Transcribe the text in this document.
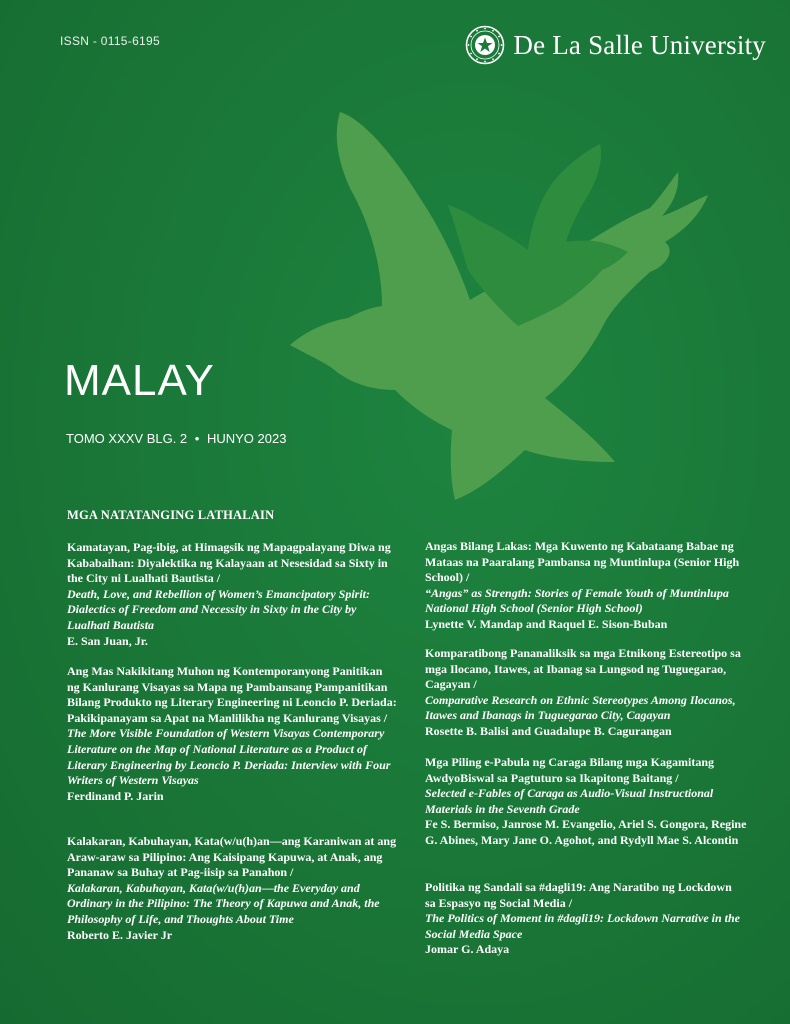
ISSN - 0115-6195	De La Salle University
MALAY
TOMO XXXV BLG. 2 • HUNYO 2023
MGA NATATANGING LATHALAIN
Kamatayan, Pag-ibig, at Himagsik ng Mapagpalayang Diwa ng Kababaihan: Diyalektika ng Kalayaan at Nesesidad sa Sixty in the City ni Lualhati Bautista /
Death, Love, and Rebellion of Women’s Emancipatory Spirit: Dialectics of Freedom and Necessity in Sixty in the City by Lualhati Bautista
E. San Juan, Jr.
Ang Mas Nakikitang Muhon ng Kontemporanyong Panitikan ng Kanlurang Visayas sa Mapa ng Pambansang Pampanitikan Bilang Produkto ng Literary Engineering ni Leoncio P. Deriada: Pakikipanayam sa Apat na Manlilikha ng Kanlurang Visayas /
The More Visible Foundation of Western Visayas Contemporary Literature on the Map of National Literature as a Product of Literary Engineering by Leoncio P. Deriada: Interview with Four Writers of Western Visayas
Ferdinand P. Jarin
Kalakaran, Kabuhayan, Kata(w/u(h)an—ang Karaniwan at ang Araw-araw sa Pilipino: Ang Kaisipang Kapuwa, at Anak, ang Pananaw sa Buhay at Pag-iisip sa Panahon /
Kalakaran, Kabuhayan, Kata(w/u(h)an—the Everyday and Ordinary in the Pilipino: The Theory of Kapuwa and Anak, the Philosophy of Life, and Thoughts About Time
Roberto E. Javier Jr
Angas Bilang Lakas: Mga Kuwento ng Kabataang Babae ng Mataas na Paaralang Pambansa ng Muntinlupa (Senior High School) /
“Angas” as Strength: Stories of Female Youth of Muntinlupa National High School (Senior High School)
Lynette V. Mandap and Raquel E. Sison-Buban
Komparatibong Pananaliksik sa mga Etnikong Estereotipo sa mga Ilocano, Itawes, at Ibanag sa Lungsod ng Tuguegarao, Cagayan /
Comparative Research on Ethnic Stereotypes Among Ilocanos, Itawes and Ibanags in Tuguegarao City, Cagayan
Rosette B. Balisi and Guadalupe B. Cagurangan
Mga Piling e-Pabula ng Caraga Bilang mga Kagamitang AwdyoBiswal sa Pagtuturo sa Ikapitong Baitang /
Selected e-Fables of Caraga as Audio-Visual Instructional Materials in the Seventh Grade
Fe S. Bermiso, Janrose M. Evangelio, Ariel S. Gongora, Regine G. Abines, Mary Jane O. Agohot, and Rydyll Mae S. Alcontin
Politika ng Sandali sa #dagli19: Ang Naratibo ng Lockdown sa Espasyo ng Social Media /
The Politics of Moment in #dagli19: Lockdown Narrative in the Social Media Space
Jomar G. Adaya
